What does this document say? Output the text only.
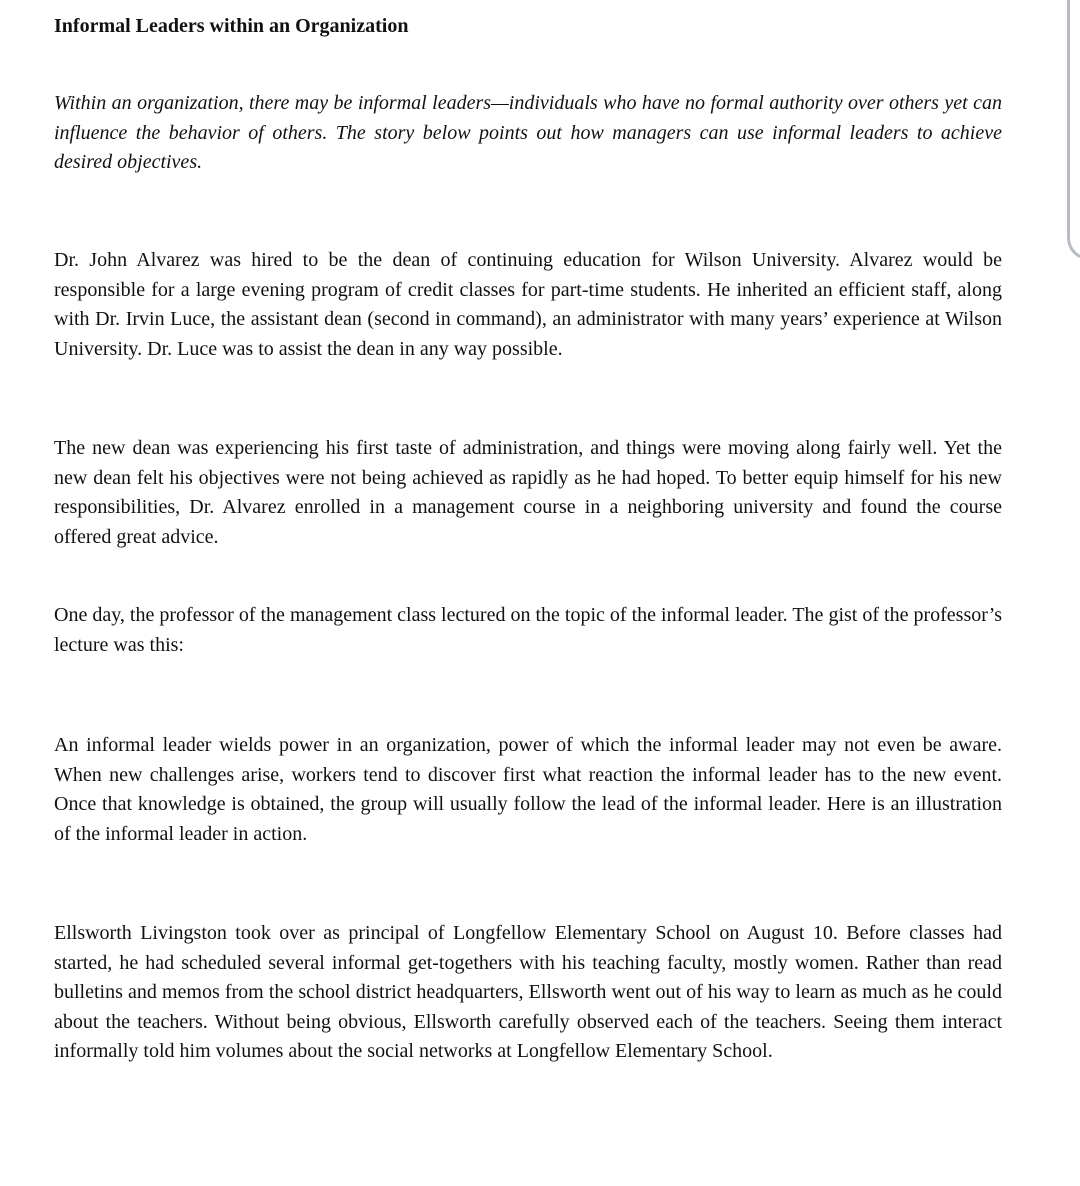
Informal Leaders within an Organization

Within an organization, there may be informal leaders—individuals who have no formal authority over others yet can influence the behavior of others. The story below points out how managers can use informal leaders to achieve desired objectives.

Dr. John Alvarez was hired to be the dean of continuing education for Wilson University. Alvarez would be responsible for a large evening program of credit classes for part-time students. He inherited an efficient staff, along with Dr. Irvin Luce, the assistant dean (second in command), an administrator with many years’ experience at Wilson University. Dr. Luce was to assist the dean in any way possible.

The new dean was experiencing his first taste of administration, and things were moving along fairly well. Yet the new dean felt his objectives were not being achieved as rapidly as he had hoped. To better equip himself for his new responsibilities, Dr. Alvarez enrolled in a management course in a neighboring university and found the course offered great advice.

One day, the professor of the management class lectured on the topic of the informal leader. The gist of the professor’s lecture was this:

An informal leader wields power in an organization, power of which the informal leader may not even be aware. When new challenges arise, workers tend to discover first what reaction the informal leader has to the new event. Once that knowledge is obtained, the group will usually follow the lead of the informal leader. Here is an illustration of the informal leader in action.

Ellsworth Livingston took over as principal of Longfellow Elementary School on August 10. Before classes had started, he had scheduled several informal get-togethers with his teaching faculty, mostly women. Rather than read bulletins and memos from the school district headquarters, Ellsworth went out of his way to learn as much as he could about the teachers. Without being obvious, Ellsworth carefully observed each of the teachers. Seeing them interact informally told him volumes about the social networks at Longfellow Elementary School.
